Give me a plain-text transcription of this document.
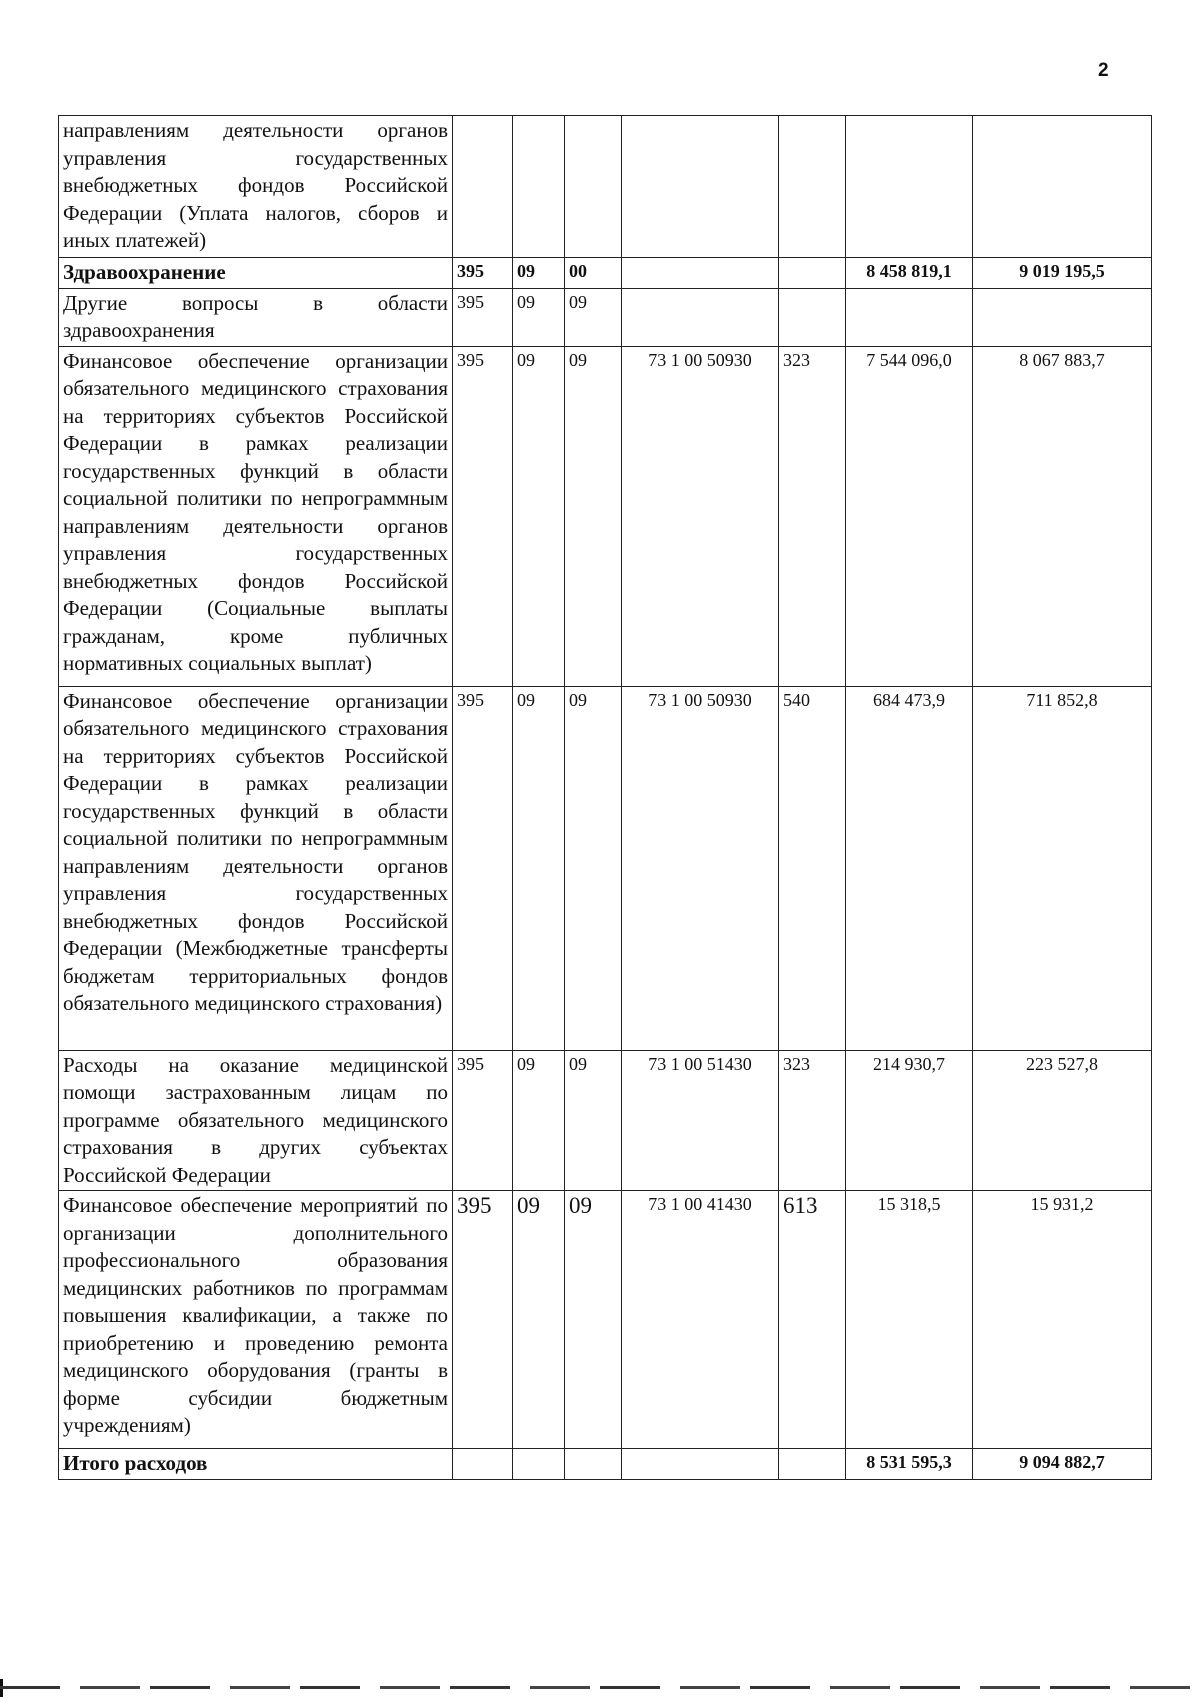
2
направлениям деятельности органов управления государственных внебюджетных фондов Российской Федерации (Уплата налогов, сборов и иных платежей)							
Здравоохранение	395	09	00			8 458 819,1	9 019 195,5
Другие вопросы в области здравоохранения	395	09	09				
Финансовое обеспечение организации обязательного медицинского страхования на территориях субъектов Российской Федерации в рамках реализации государственных функций в области социальной политики по непрограммным направлениям деятельности органов управления государственных внебюджетных фондов Российской Федерации (Социальные выплаты гражданам, кроме публичных нормативных социальных выплат)	395	09	09	73 1 00 50930	323	7 544 096,0	8 067 883,7
Финансовое обеспечение организации обязательного медицинского страхования на территориях субъектов Российской Федерации в рамках реализации государственных функций в области социальной политики по непрограммным направлениям деятельности органов управления государственных внебюджетных фондов Российской Федерации (Межбюджетные трансферты бюджетам территориальных фондов обязательного медицинского страхования)	395	09	09	73 1 00 50930	540	684 473,9	711 852,8
Расходы на оказание медицинской помощи застрахованным лицам по программе обязательного медицинского страхования в других субъектах Российской Федерации	395	09	09	73 1 00 51430	323	214 930,7	223 527,8
Финансовое обеспечение мероприятий по организации дополнительного профессионального образования медицинских работников по программам повышения квалификации, а также по приобретению и проведению ремонта медицинского оборудования (гранты в форме субсидии бюджетным учреждениям)	395	09	09	73 1 00 41430	613	15 318,5	15 931,2
Итого расходов						8 531 595,3	9 094 882,7
